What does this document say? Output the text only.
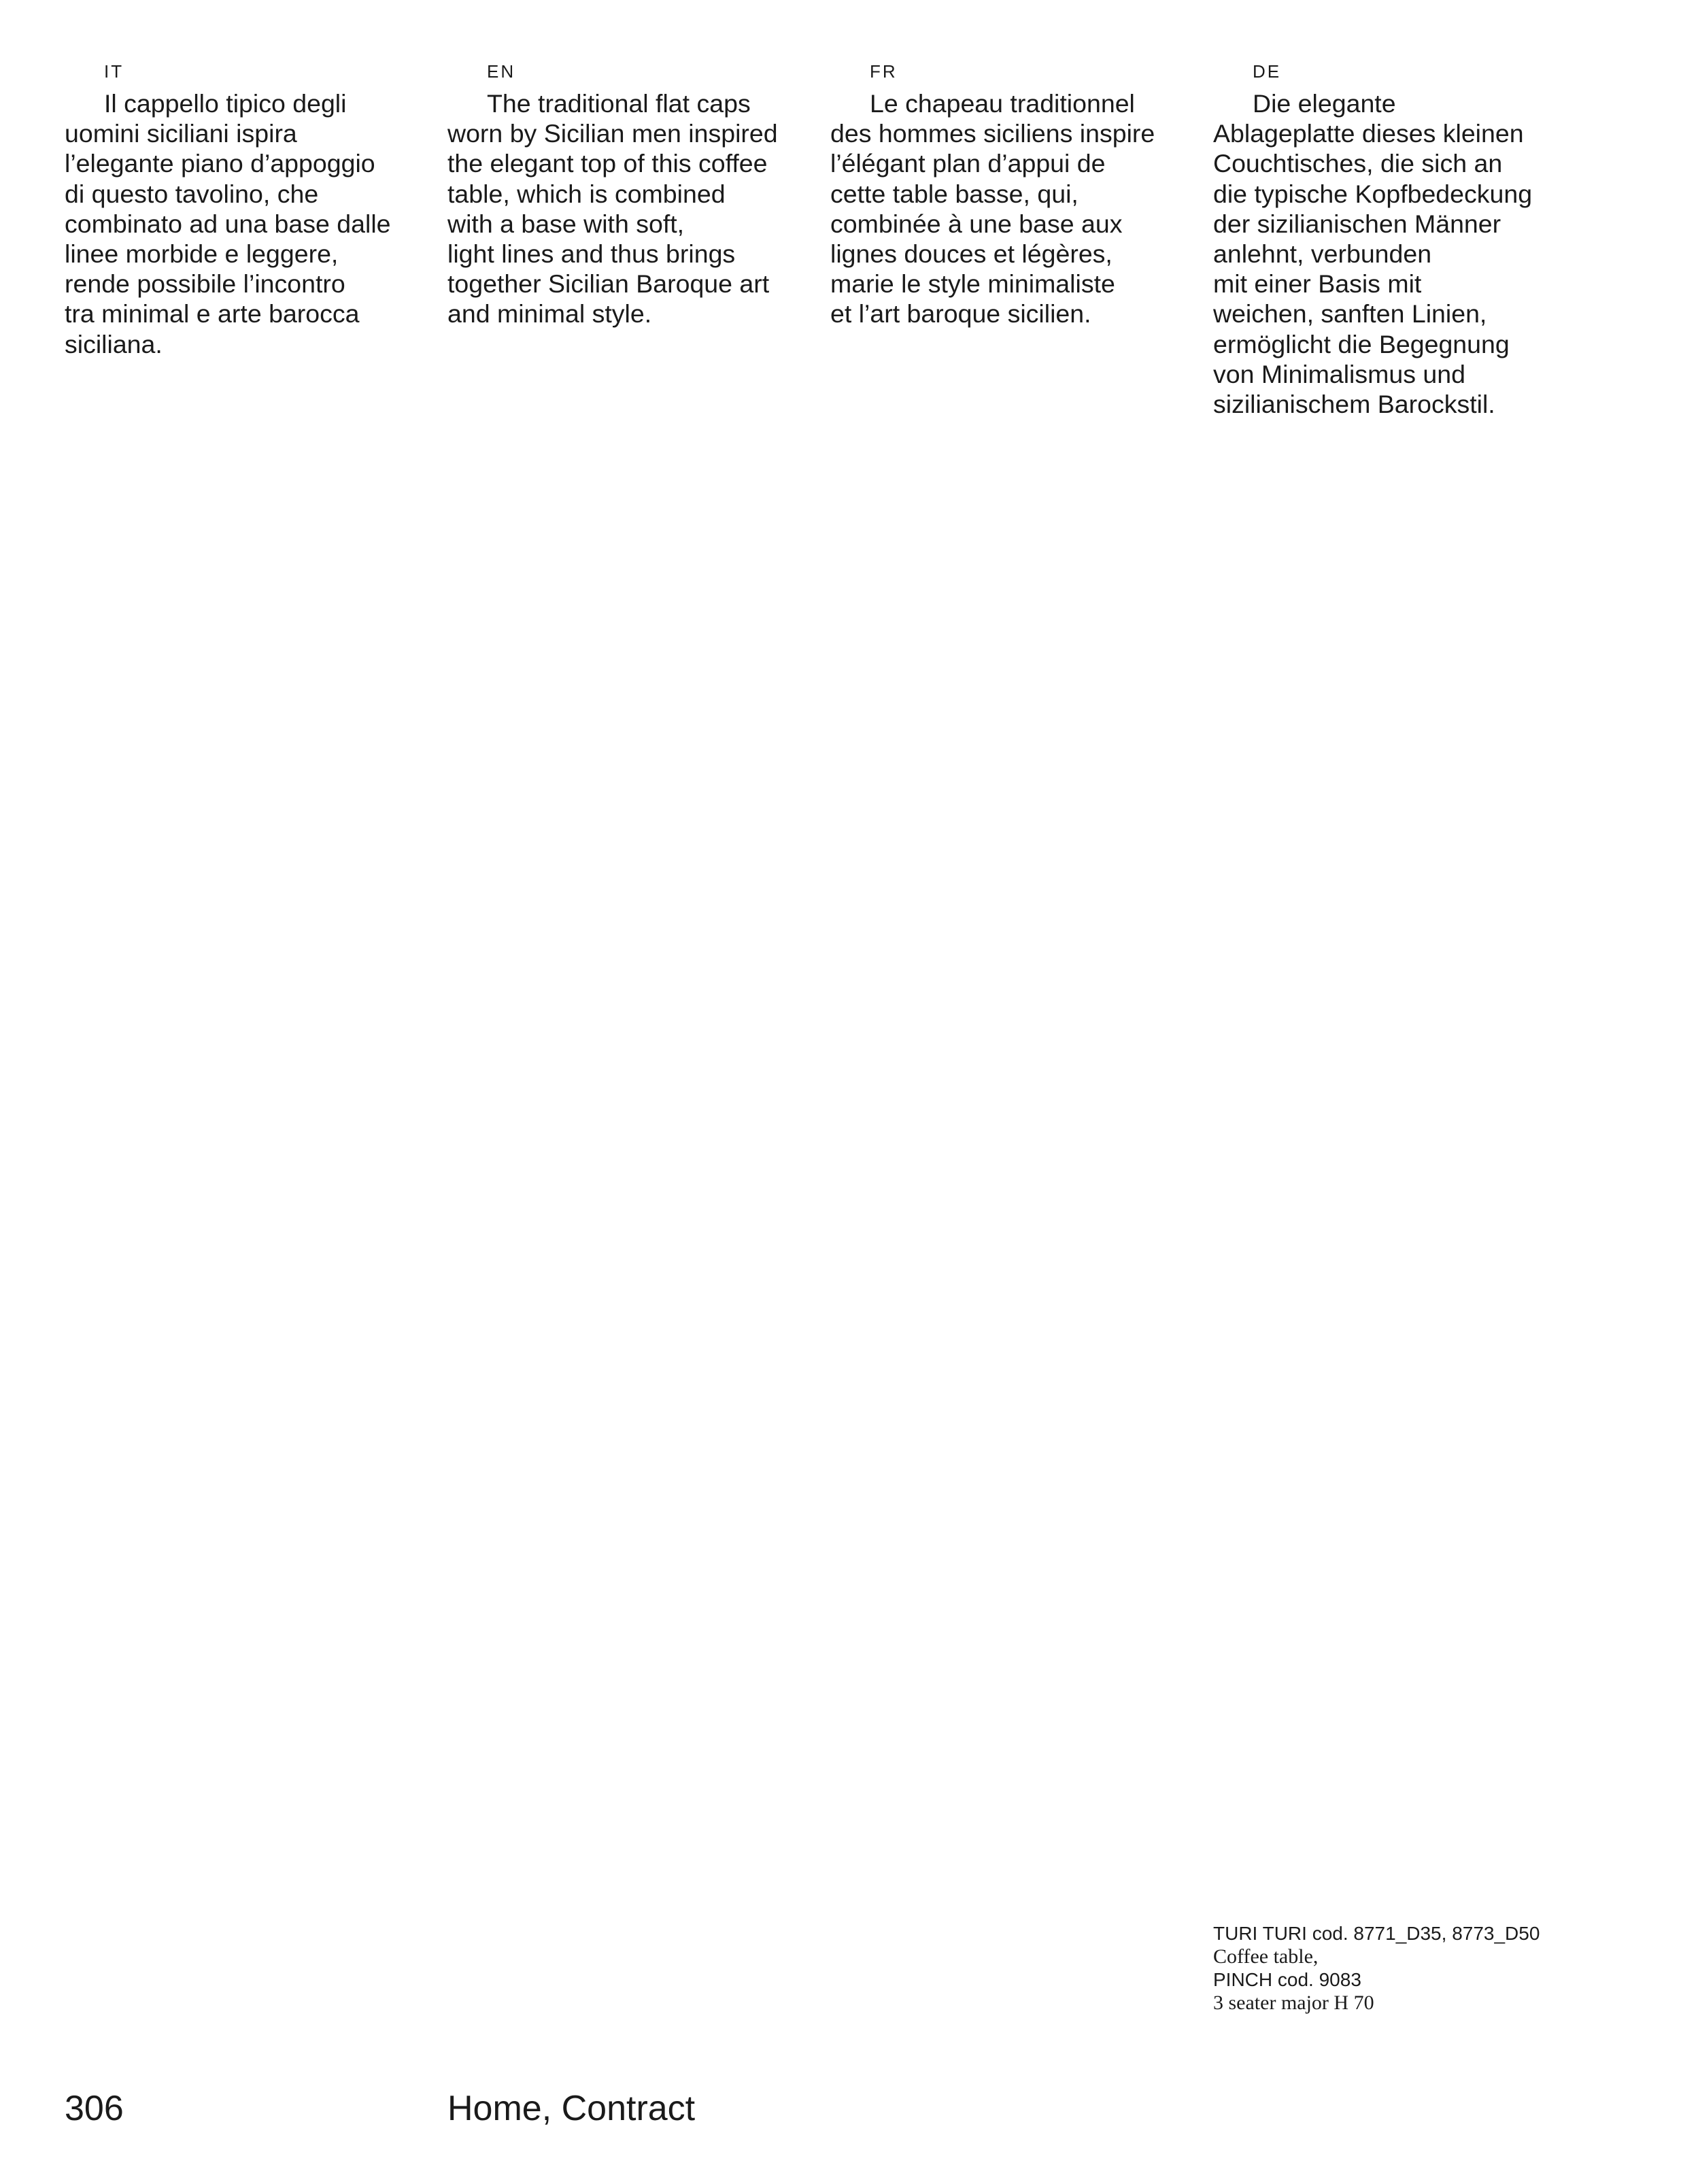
IT

Il cappello tipico degli
uomini siciliani ispira
l’elegante piano d’appoggio
di questo tavolino, che
combinato ad una base dalle
linee morbide e leggere,
rende possibile l’incontro
tra minimal e arte barocca
siciliana.

EN

The traditional flat caps
worn by Sicilian men inspired
the elegant top of this coffee
table, which is combined
with a base with soft,
light lines and thus brings
together Sicilian Baroque art
and minimal style.

FR

Le chapeau traditionnel
des hommes siciliens inspire
l’élégant plan d’appui de
cette table basse, qui,
combinée à une base aux
lignes douces et légères,
marie le style minimaliste
et l’art baroque sicilien.

DE

Die elegante
Ablageplatte dieses kleinen
Couchtisches, die sich an
die typische Kopfbedeckung
der sizilianischen Männer
anlehnt, verbunden
mit einer Basis mit
weichen, sanften Linien,
ermöglicht die Begegnung
von Minimalismus und
sizilianischem Barockstil.

TURI TURI cod. 8771_D35, 8773_D50
Coffee table,
PINCH cod. 9083
3 seater major H 70
306	Home, Contract
